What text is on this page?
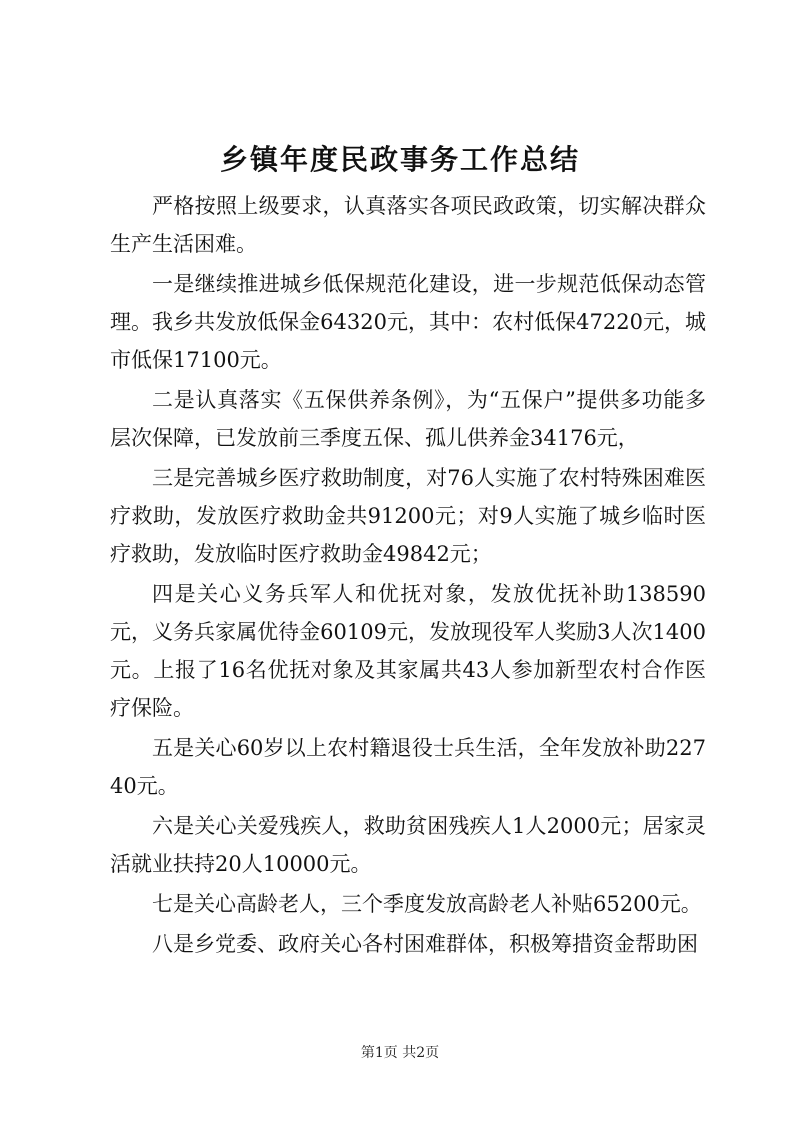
乡镇年度民政事务工作总结

严格按照上级要求，认真落实各项民政政策，切实解决群众生产生活困难。

一是继续推进城乡低保规范化建设，进一步规范低保动态管理。我乡共发放低保金64320元，其中：农村低保47220元，城市低保17100元。

二是认真落实《五保供养条例》，为“五保户”提供多功能多层次保障，已发放前三季度五保、孤儿供养金34176元，

三是完善城乡医疗救助制度，对76人实施了农村特殊困难医疗救助，发放医疗救助金共91200元；对9人实施了城乡临时医疗救助，发放临时医疗救助金49842元；

四是关心义务兵军人和优抚对象，发放优抚补助138590元，义务兵家属优待金60109元，发放现役军人奖励3人次1400元。上报了16名优抚对象及其家属共43人参加新型农村合作医疗保险。

五是关心60岁以上农村籍退役士兵生活，全年发放补助22740元。

六是关心关爱残疾人，救助贫困残疾人1人2000元；居家灵活就业扶持20人10000元。

七是关心高龄老人，三个季度发放高龄老人补贴65200元。

八是乡党委、政府关心各村困难群体，积极筹措资金帮助困

第1页 共2页
